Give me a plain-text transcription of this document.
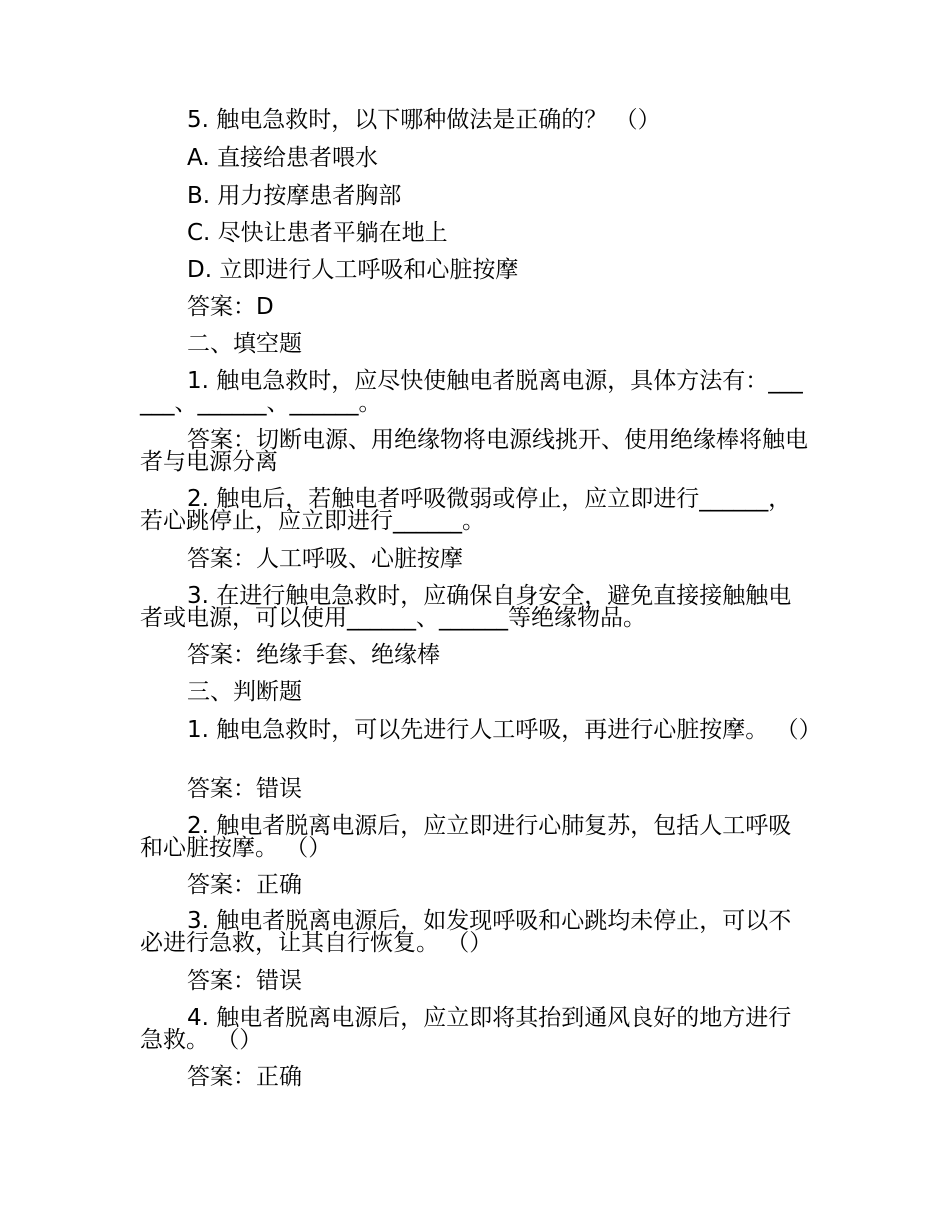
5. 触电急救时，以下哪种做法是正确的？ （）
A. 直接给患者喂水
B. 用力按摩患者胸部
C. 尽快让患者平躺在地上
D. 立即进行人工呼吸和心脏按摩
答案：D
二、填空题
1. 触电急救时，应尽快使触电者脱离电源，具体方法有：______、______、______。
答案：切断电源、用绝缘物将电源线挑开、使用绝缘棒将触电者与电源分离
2. 触电后，若触电者呼吸微弱或停止，应立即进行______，若心跳停止，应立即进行______。
答案：人工呼吸、心脏按摩
3. 在进行触电急救时，应确保自身安全，避免直接接触触电者或电源，可以使用______、______等绝缘物品。
答案：绝缘手套、绝缘棒
三、判断题
1. 触电急救时，可以先进行人工呼吸，再进行心脏按摩。 （）
答案：错误
2. 触电者脱离电源后，应立即进行心肺复苏，包括人工呼吸和心脏按摩。 （）
答案：正确
3. 触电者脱离电源后，如发现呼吸和心跳均未停止，可以不必进行急救，让其自行恢复。 （）
答案：错误
4. 触电者脱离电源后，应立即将其抬到通风良好的地方进行急救。 （）
答案：正确
